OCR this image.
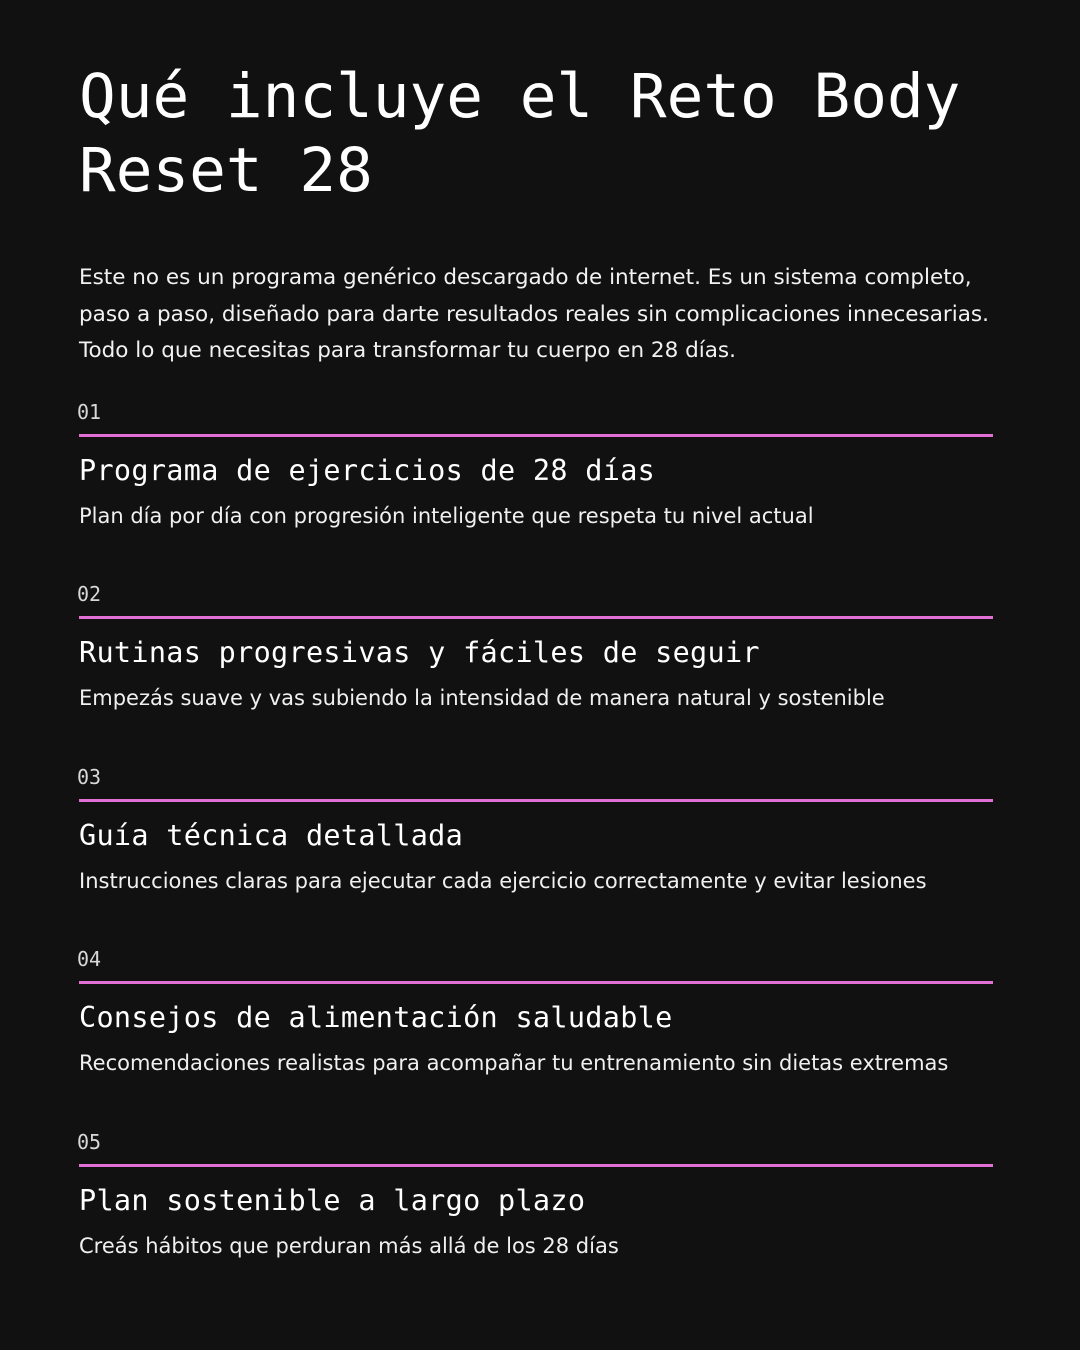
Qué incluye el Reto Body
Reset 28

Este no es un programa genérico descargado de internet. Es un sistema completo, paso a paso, diseñado para darte resultados reales sin complicaciones innecesarias. Todo lo que necesitas para transformar tu cuerpo en 28 días.

01
Programa de ejercicios de 28 días
Plan día por día con progresión inteligente que respeta tu nivel actual
02
Rutinas progresivas y fáciles de seguir
Empezás suave y vas subiendo la intensidad de manera natural y sostenible
03
Guía técnica detallada
Instrucciones claras para ejecutar cada ejercicio correctamente y evitar lesiones
04
Consejos de alimentación saludable
Recomendaciones realistas para acompañar tu entrenamiento sin dietas extremas
05
Plan sostenible a largo plazo
Creás hábitos que perduran más allá de los 28 días
